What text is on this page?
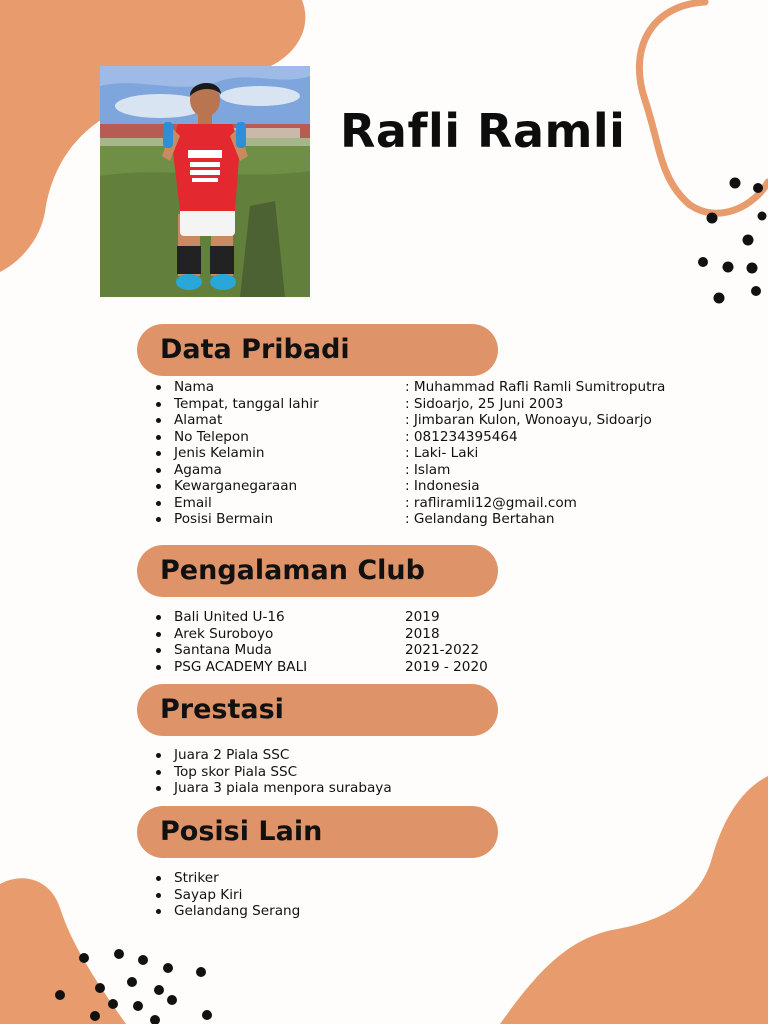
Rafli Ramli
Data Pribadi
Nama	: Muhammad Rafli Ramli Sumitroputra
Tempat, tanggal lahir	: Sidoarjo, 25 Juni 2003
Alamat	: Jimbaran Kulon, Wonoayu, Sidoarjo
No Telepon	: 081234395464
Jenis Kelamin	: Laki- Laki
Agama	: Islam
Kewarganegaraan	: Indonesia
Email	: rafliramli12@gmail.com
Posisi Bermain	: Gelandang Bertahan
Pengalaman Club
Bali United U-16	2019
Arek Suroboyo	2018
Santana Muda	2021-2022
PSG ACADEMY BALI	2019 - 2020
Prestasi
Juara 2 Piala SSC
Top skor Piala SSC
Juara 3 piala menpora surabaya
Posisi Lain
Striker
Sayap Kiri
Gelandang Serang
